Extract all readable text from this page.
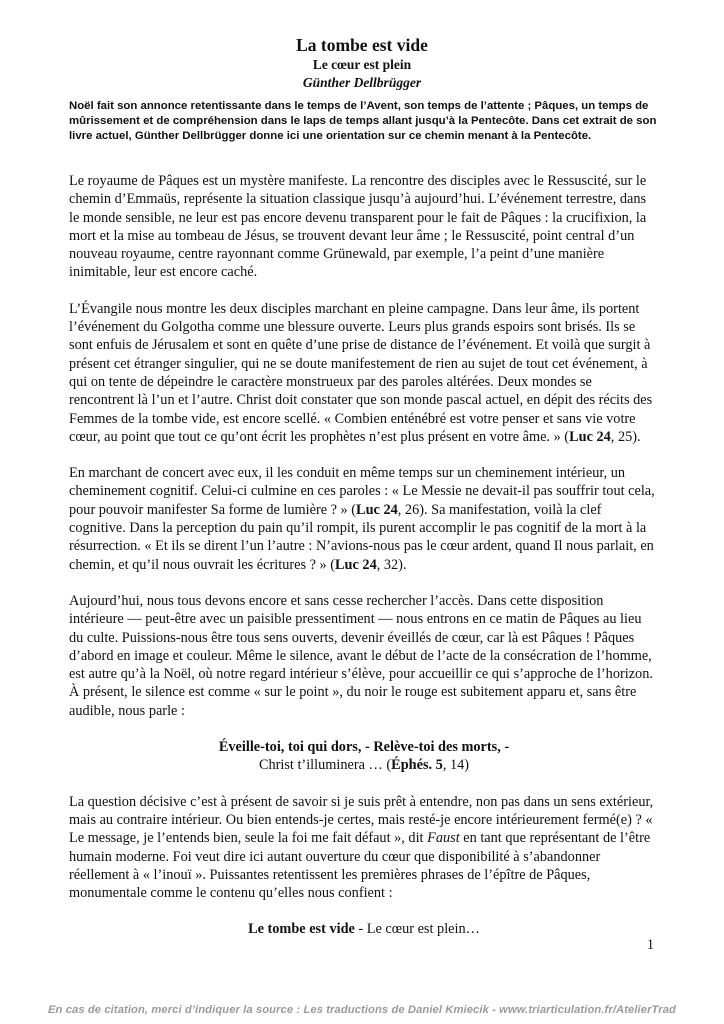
La tombe est vide
Le cœur est plein
Günther Dellbrügger
Noël fait son annonce retentissante dans le temps de l’Avent, son temps de l’attente ; Pâques, un temps de mûrissement et de compréhension dans le laps de temps allant jusqu’à la Pentecôte. Dans cet extrait de son livre actuel, Günther Dellbrügger donne ici une orientation sur ce chemin menant à la Pentecôte.

Le royaume de Pâques est un mystère manifeste. La rencontre des disciples avec le Ressuscité, sur le chemin d’Emmaüs, représente la situation classique jusqu’à aujourd’hui. L’événement terrestre, dans le monde sensible, ne leur est pas encore devenu transparent pour le fait de Pâques : la crucifixion, la mort et la mise au tombeau de Jésus, se trouvent devant leur âme ; le Ressuscité, point central d’un nouveau royaume, centre rayonnant comme Grünewald, par exemple, l’a peint d’une manière inimitable, leur est encore caché.

L’Évangile nous montre les deux disciples marchant en pleine campagne. Dans leur âme, ils portent l’événement du Golgotha comme une blessure ouverte. Leurs plus grands espoirs sont brisés. Ils se sont enfuis de Jérusalem et sont en quête d’une prise de distance de l’événement. Et voilà que surgit à présent cet étranger singulier, qui ne se doute manifestement de rien au sujet de tout cet événement, à qui on tente de dépeindre le caractère monstrueux par des paroles altérées. Deux mondes se rencontrent là l’un et l’autre. Christ doit constater que son monde pascal actuel, en dépit des récits des Femmes de la tombe vide, est encore scellé. « Combien enténébré est votre penser et sans vie votre cœur, au point que tout ce qu’ont écrit les prophètes n’est plus présent en votre âme. » (Luc 24, 25).

En marchant de concert avec eux, il les conduit en même temps sur un cheminement intérieur, un cheminement cognitif. Celui-ci culmine en ces paroles : « Le Messie ne devait-il pas souffrir tout cela, pour pouvoir manifester Sa forme de lumière ? » (Luc 24, 26). Sa manifestation, voilà la clef cognitive. Dans la perception du pain qu’il rompit, ils purent accomplir le pas cognitif de la mort à la résurrection. « Et ils se dirent l’un l’autre : N’avions-nous pas le cœur ardent, quand Il nous parlait, en chemin, et qu’il nous ouvrait les écritures ? » (Luc 24, 32).

Aujourd’hui, nous tous devons encore et sans cesse rechercher l’accès. Dans cette disposition intérieure — peut-être avec un paisible pressentiment — nous entrons en ce matin de Pâques au lieu du culte. Puissions-nous être tous sens ouverts, devenir éveillés de cœur, car là est Pâques ! Pâques d’abord en image et couleur. Même le silence, avant le début de l’acte de la consécration de l’homme, est autre qu’à la Noël, où notre regard intérieur s’élève, pour accueillir ce qui s’approche de l’horizon. À présent, le silence est comme « sur le point », du noir le rouge est subitement apparu et, sans être audible, nous parle :

Éveille-toi, toi qui dors, - Relève-toi des morts, -
Christ t’illuminera … (Éphés. 5, 14)

La question décisive c’est à présent de savoir si je suis prêt à entendre, non pas dans un sens extérieur, mais au contraire intérieur. Ou bien entends-je certes, mais resté-je encore intérieurement fermé(e) ? « Le message, je l’entends bien, seule la foi me fait défaut », dit Faust en tant que représentant de l’être humain moderne. Foi veut dire ici autant ouverture du cœur que disponibilité à s’abandonner réellement à « l’inouï ». Puissantes retentissent les premières phrases de l’épître de Pâques, monumentale comme le contenu qu’elles nous confient :

Le tombe est vide - Le cœur est plein…
1
En cas de citation, merci d’indiquer la source : Les traductions de Daniel Kmiecik - www.triarticulation.fr/AtelierTrad
